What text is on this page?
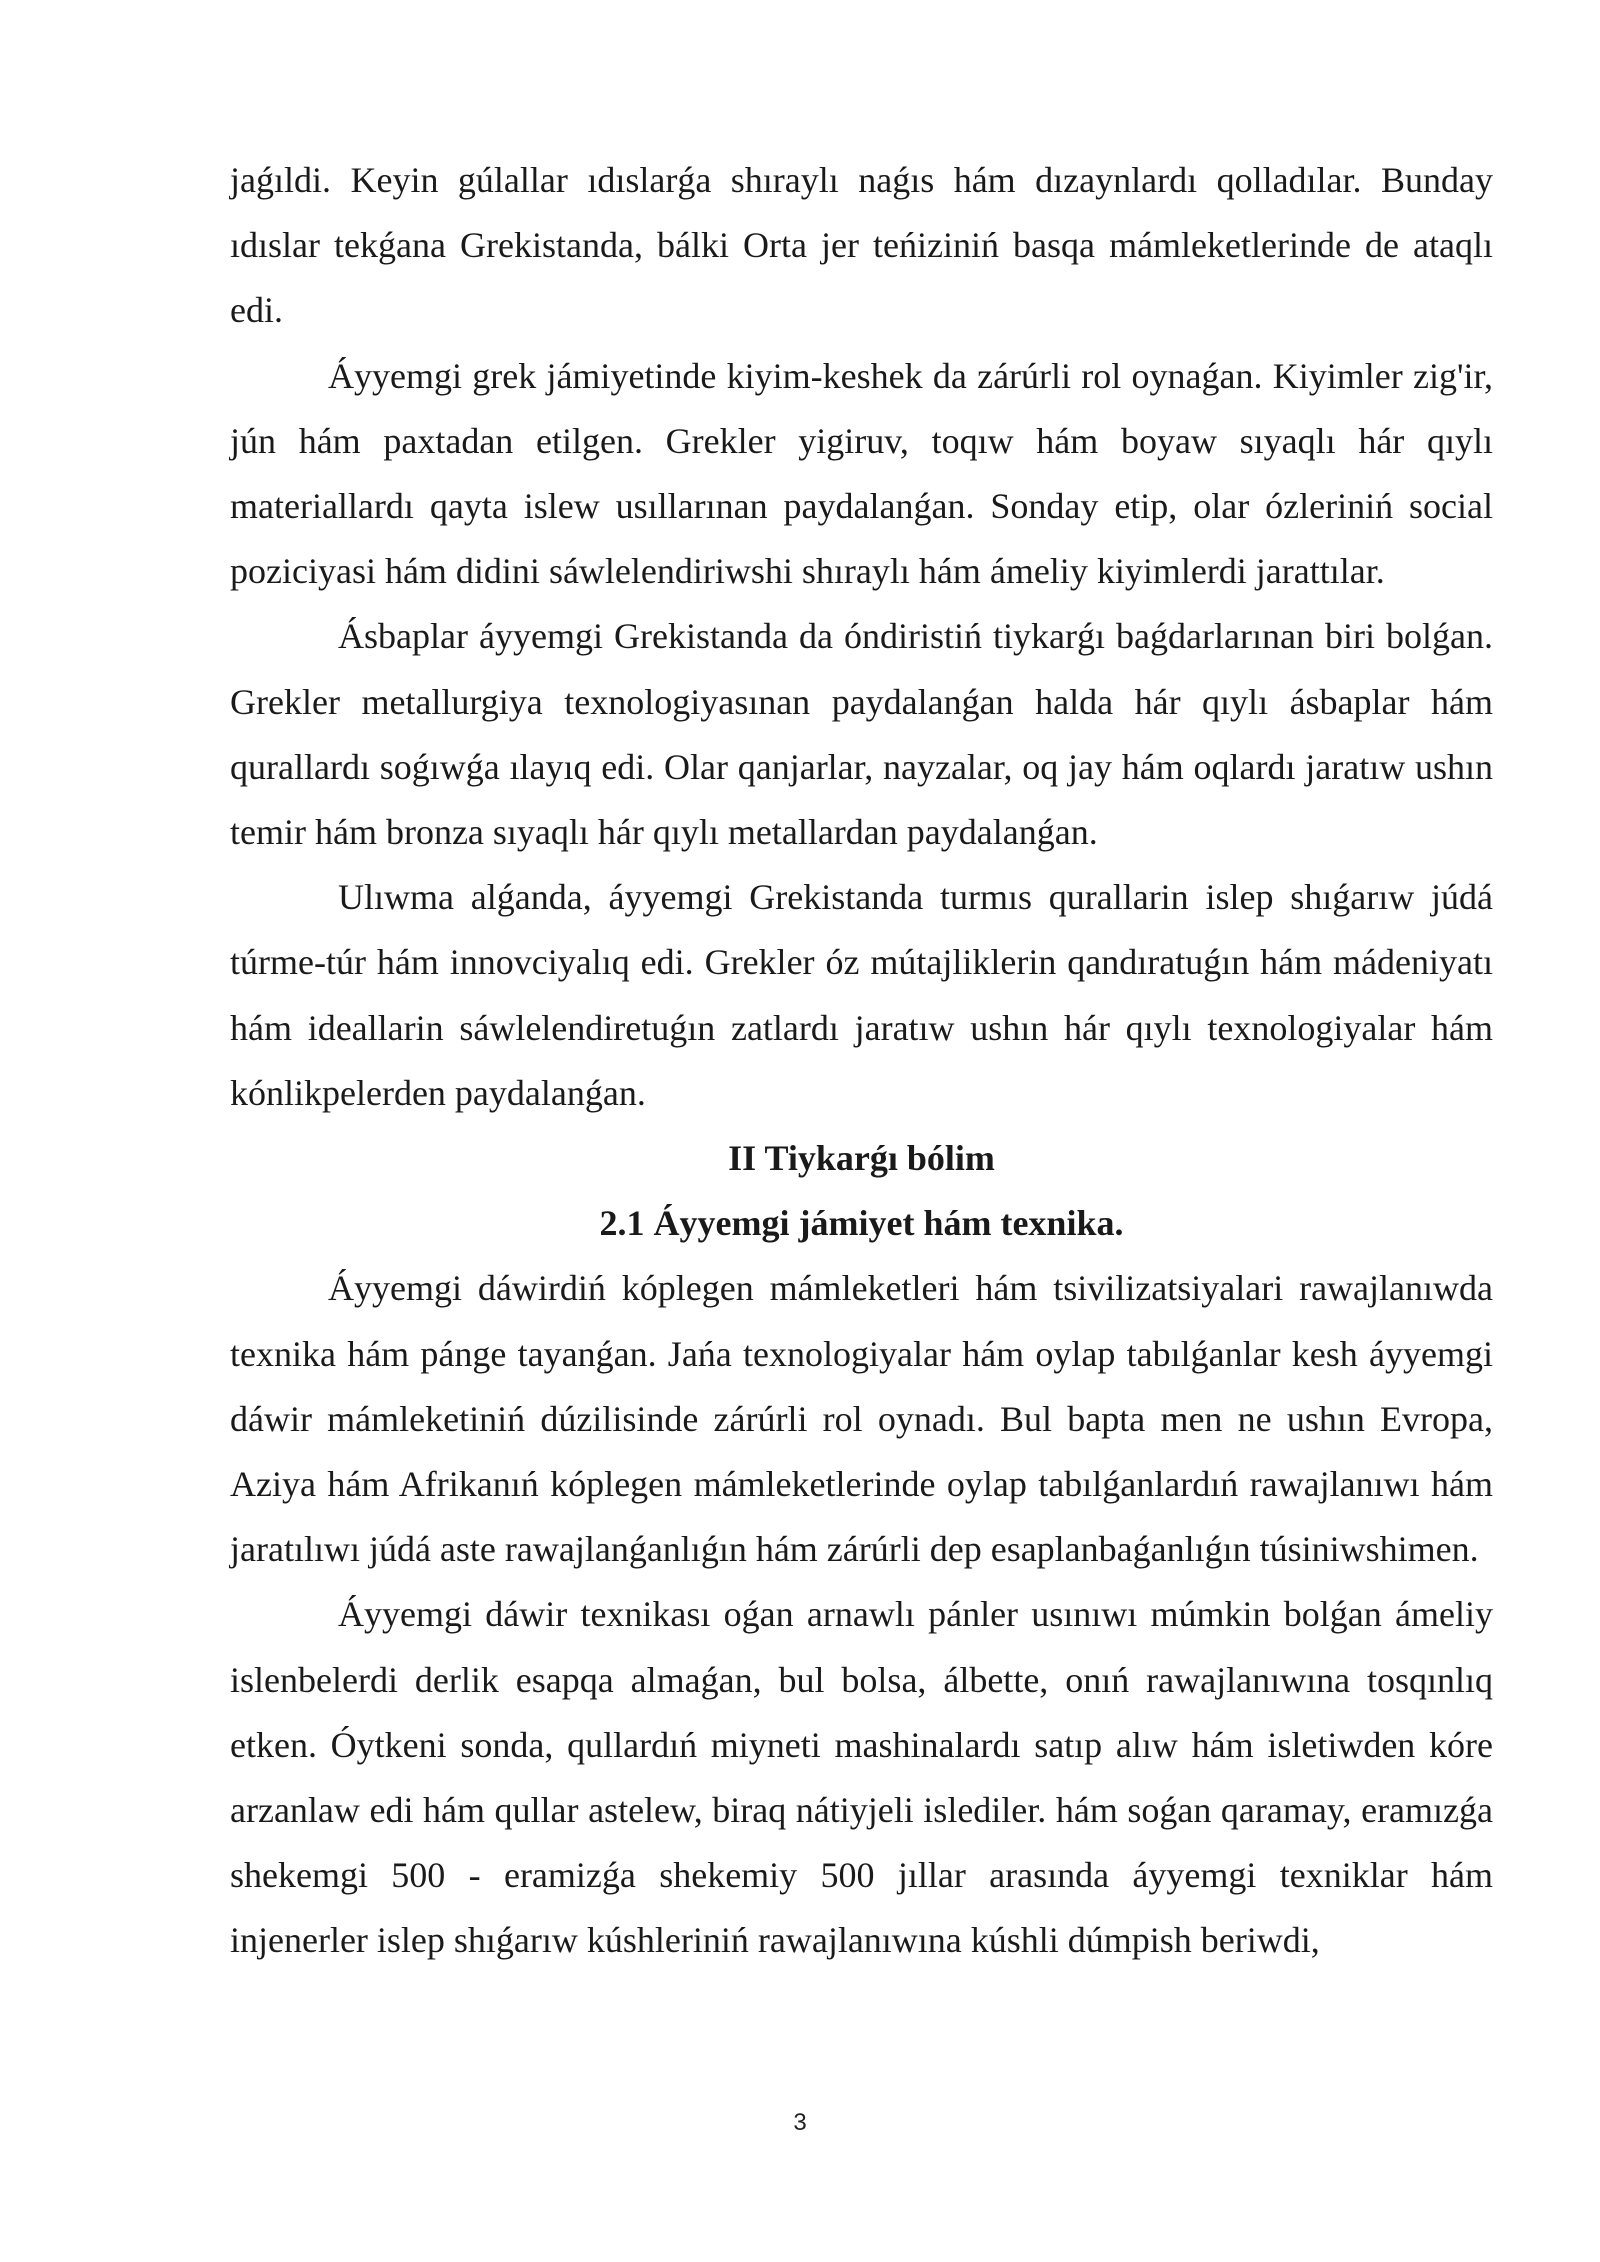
jaǵıldi. Keyin gúlallar ıdıslarǵa shıraylı naǵıs hám dızaynlardı qolladılar. Bunday ıdıslar tekǵana Grekistanda, bálki Orta jer teńiziniń basqa mámleketlerinde de ataqlı edi.

Áyyemgi grek jámiyetinde kiyim-keshek da zárúrli rol oynaǵan. Kiyimler zig'ir, jún hám paxtadan etilgen. Grekler yigiruv, toqıw hám boyaw sıyaqlı hár qıylı materiallardı qayta islew usıllarınan paydalanǵan. Sonday etip, olar ózleriniń social poziciyasi hám didini sáwlelendiriwshi shıraylı hám ámeliy kiyimlerdi jarattılar.

Ásbaplar áyyemgi Grekistanda da óndiristiń tiykarǵı baǵdarlarınan biri bolǵan. Grekler metallurgiya texnologiyasınan paydalanǵan halda hár qıylı ásbaplar hám qurallardı soǵıwǵa ılayıq edi. Olar qanjarlar, nayzalar, oq jay hám oqlardı jaratıw ushın temir hám bronza sıyaqlı hár qıylı metallardan paydalanǵan.

Ulıwma alǵanda, áyyemgi Grekistanda turmıs qurallarin islep shıǵarıw júdá túrme-túr hám innovciyalıq edi. Grekler óz mútajliklerin qandıratuǵın hám mádeniyatı hám ideallarin sáwlelendiretuǵın zatlardı jaratıw ushın hár qıylı texnologiyalar hám kónlikpelerden paydalanǵan.

II Tiykarǵı bólim
2.1 Áyyemgi jámiyet hám texnika.

Áyyemgi dáwirdiń kóplegen mámleketleri hám tsivilizatsiyalari rawajlanıwda texnika hám pánge tayanǵan. Jańa texnologiyalar hám oylap tabılǵanlar kesh áyyemgi dáwir mámleketiniń dúzilisinde zárúrli rol oynadı. Bul bapta men ne ushın Evropa, Aziya hám Afrikanıń kóplegen mámleketlerinde oylap tabılǵanlardıń rawajlanıwı hám jaratılıwı júdá aste rawajlanǵanlıǵın hám zárúrli dep esaplanbaǵanlıǵın túsiniwshimen.

Áyyemgi dáwir texnikası oǵan arnawlı pánler usınıwı múmkin bolǵan ámeliy islenbelerdi derlik esapqa almaǵan, bul bolsa, álbette, onıń rawajlanıwına tosqınlıq etken. Óytkeni sonda, qullardıń miyneti mashinalardı satıp alıw hám isletiwden kóre arzanlaw edi hám qullar astelew, biraq nátiyjeli islediler. hám soǵan qaramay, eramızǵa shekemgi 500 - eramizǵa shekemiy 500 jıllar arasında áyyemgi texniklar hám injenerler islep shıǵarıw kúshleriniń rawajlanıwına kúshli dúmpish beriwdi,

3
